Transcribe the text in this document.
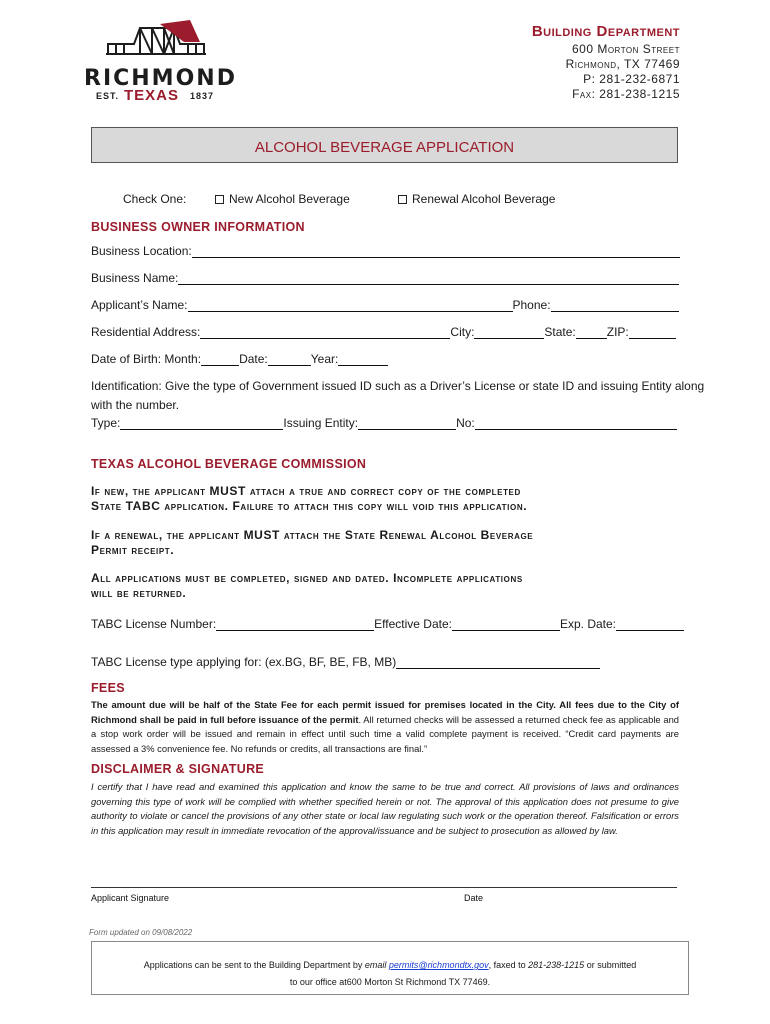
RICHMOND
EST. TEXAS 1837
Building Department
600 Morton Street
Richmond, TX 77469
P: 281-232-6871
Fax: 281-238-1215
ALCOHOL BEVERAGE APPLICATION
Check One:	New Alcohol Beverage	Renewal Alcohol Beverage
BUSINESS OWNER INFORMATION
Business Location:
Business Name:
Applicant’s Name:	Phone:
Residential Address:	City:	State:	ZIP:
Date of Birth: Month:	Date:	Year:
Identification: Give the type of Government issued ID such as a Driver’s License or state ID and issuing Entity along
with the number.
Type:	Issuing Entity:	No:
TEXAS ALCOHOL BEVERAGE COMMISSION
If new, the applicant MUST attach a true and correct copy of the completed
State TABC application. Failure to attach this copy will void this application.
If a renewal, the applicant MUST attach the State Renewal Alcohol Beverage
Permit receipt.
All applications must be completed, signed and dated. Incomplete applications
will be returned.
TABC License Number:	Effective Date:	Exp. Date:
TABC License type applying for: (ex.BG, BF, BE, FB, MB)
FEES
The amount due will be half of the State Fee for each permit issued for premises located in the City. All fees due to the City of Richmond shall be paid in full before issuance of the permit. All returned checks will be assessed a returned check fee as applicable and a stop work order will be issued and remain in effect until such time a valid complete payment is received. “Credit card payments are assessed a 3% convenience fee. No refunds or credits, all transactions are final.”
DISCLAIMER & SIGNATURE
I certify that I have read and examined this application and know the same to be true and correct. All provisions of laws and ordinances governing this type of work will be complied with whether specified herein or not. The approval of this application does not presume to give authority to violate or cancel the provisions of any other state or local law regulating such work or the operation thereof. Falsification or errors in this application may result in immediate revocation of the approval/issuance and be subject to prosecution as allowed by law.
Applicant Signature	Date
Form updated on 09/08/2022
Applications can be sent to the Building Department by email permits@richmondtx.gov, faxed to 281-238-1215 or submitted
to our office at600 Morton St Richmond TX 77469.
